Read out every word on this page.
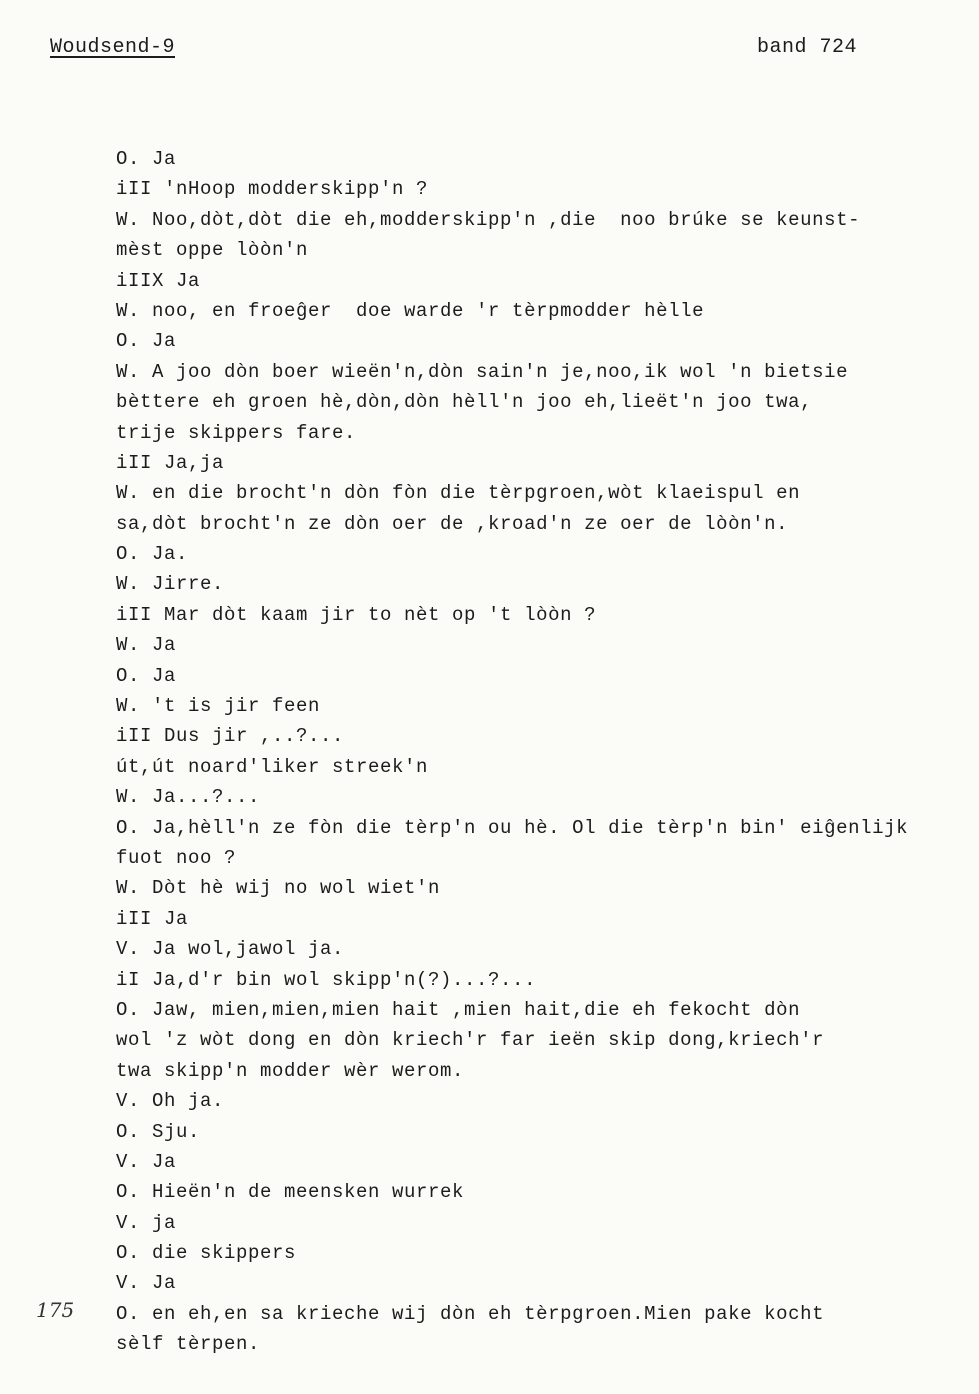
Woudsend-9	band 724
O. Ja
iII 'nHoop modderskipp'n ?
W. Noo,dòt,dòt die eh,modderskipp'n ,die  noo brúke se keunst-
mèst oppe lòòn'n
iIIX Ja
W. noo, en froeĝer  doe warde 'r tèrpmodder hèlle
O. Ja
W. A joo dòn boer wieën'n,dòn sain'n je,noo,ik wol 'n bietsie
bèttere eh groen hè,dòn,dòn hèll'n joo eh,lieët'n joo twa,
trije skippers fare.
iII Ja,ja
W. en die brocht'n dòn fòn die tèrpgroen,wòt klaeispul en
sa,dòt brocht'n ze dòn oer de ,kroad'n ze oer de lòòn'n.
O. Ja.
W. Jirre.
iII Mar dòt kaam jir to nèt op 't lòòn ?
W. Ja
O. Ja
W. 't is jir feen
iII Dus jir ,..?...
út,út noard'liker streek'n
W. Ja...?...
O. Ja,hèll'n ze fòn die tèrp'n ou hè. Ol die tèrp'n bin' eiĝenlijk
fuot noo ?
W. Dòt hè wij no wol wiet'n
iII Ja
V. Ja wol,jawol ja.
iI Ja,d'r bin wol skipp'n(?)...?...
O. Jaw, mien,mien,mien hait ,mien hait,die eh fekocht dòn
wol 'z wòt dong en dòn kriech'r far ieën skip dong,kriech'r
twa skipp'n modder wèr werom.
V. Oh ja.
O. Sju.
V. Ja
O. Hieën'n de meensken wurrek
V. ja
O. die skippers
V. Ja
O. en eh,en sa krieche wij dòn eh tèrpgroen.Mien pake kocht
sèlf tèrpen.
175
